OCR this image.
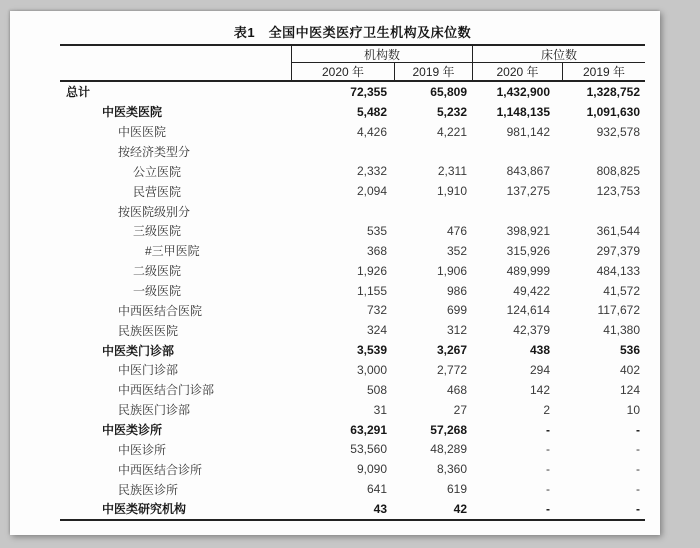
表1　全国中医类医疗卫生机构及床位数
机构数	床位数
2020 年	2019 年	2020 年	2019 年
总计	72,355	65,809	1,432,900	1,328,752
中医类医院	5,482	5,232	1,148,135	1,091,630
中医医院	4,426	4,221	981,142	932,578
按经济类型分
公立医院	2,332	2,311	843,867	808,825
民营医院	2,094	1,910	137,275	123,753
按医院级别分
三级医院	535	476	398,921	361,544
#三甲医院	368	352	315,926	297,379
二级医院	1,926	1,906	489,999	484,133
一级医院	1,155	986	49,422	41,572
中西医结合医院	732	699	124,614	117,672
民族医医院	324	312	42,379	41,380
中医类门诊部	3,539	3,267	438	536
中医门诊部	3,000	2,772	294	402
中西医结合门诊部	508	468	142	124
民族医门诊部	31	27	2	10
中医类诊所	63,291	57,268	-	-
中医诊所	53,560	48,289	-	-
中西医结合诊所	9,090	8,360	-	-
民族医诊所	641	619	-	-
中医类研究机构	43	42	-	-
